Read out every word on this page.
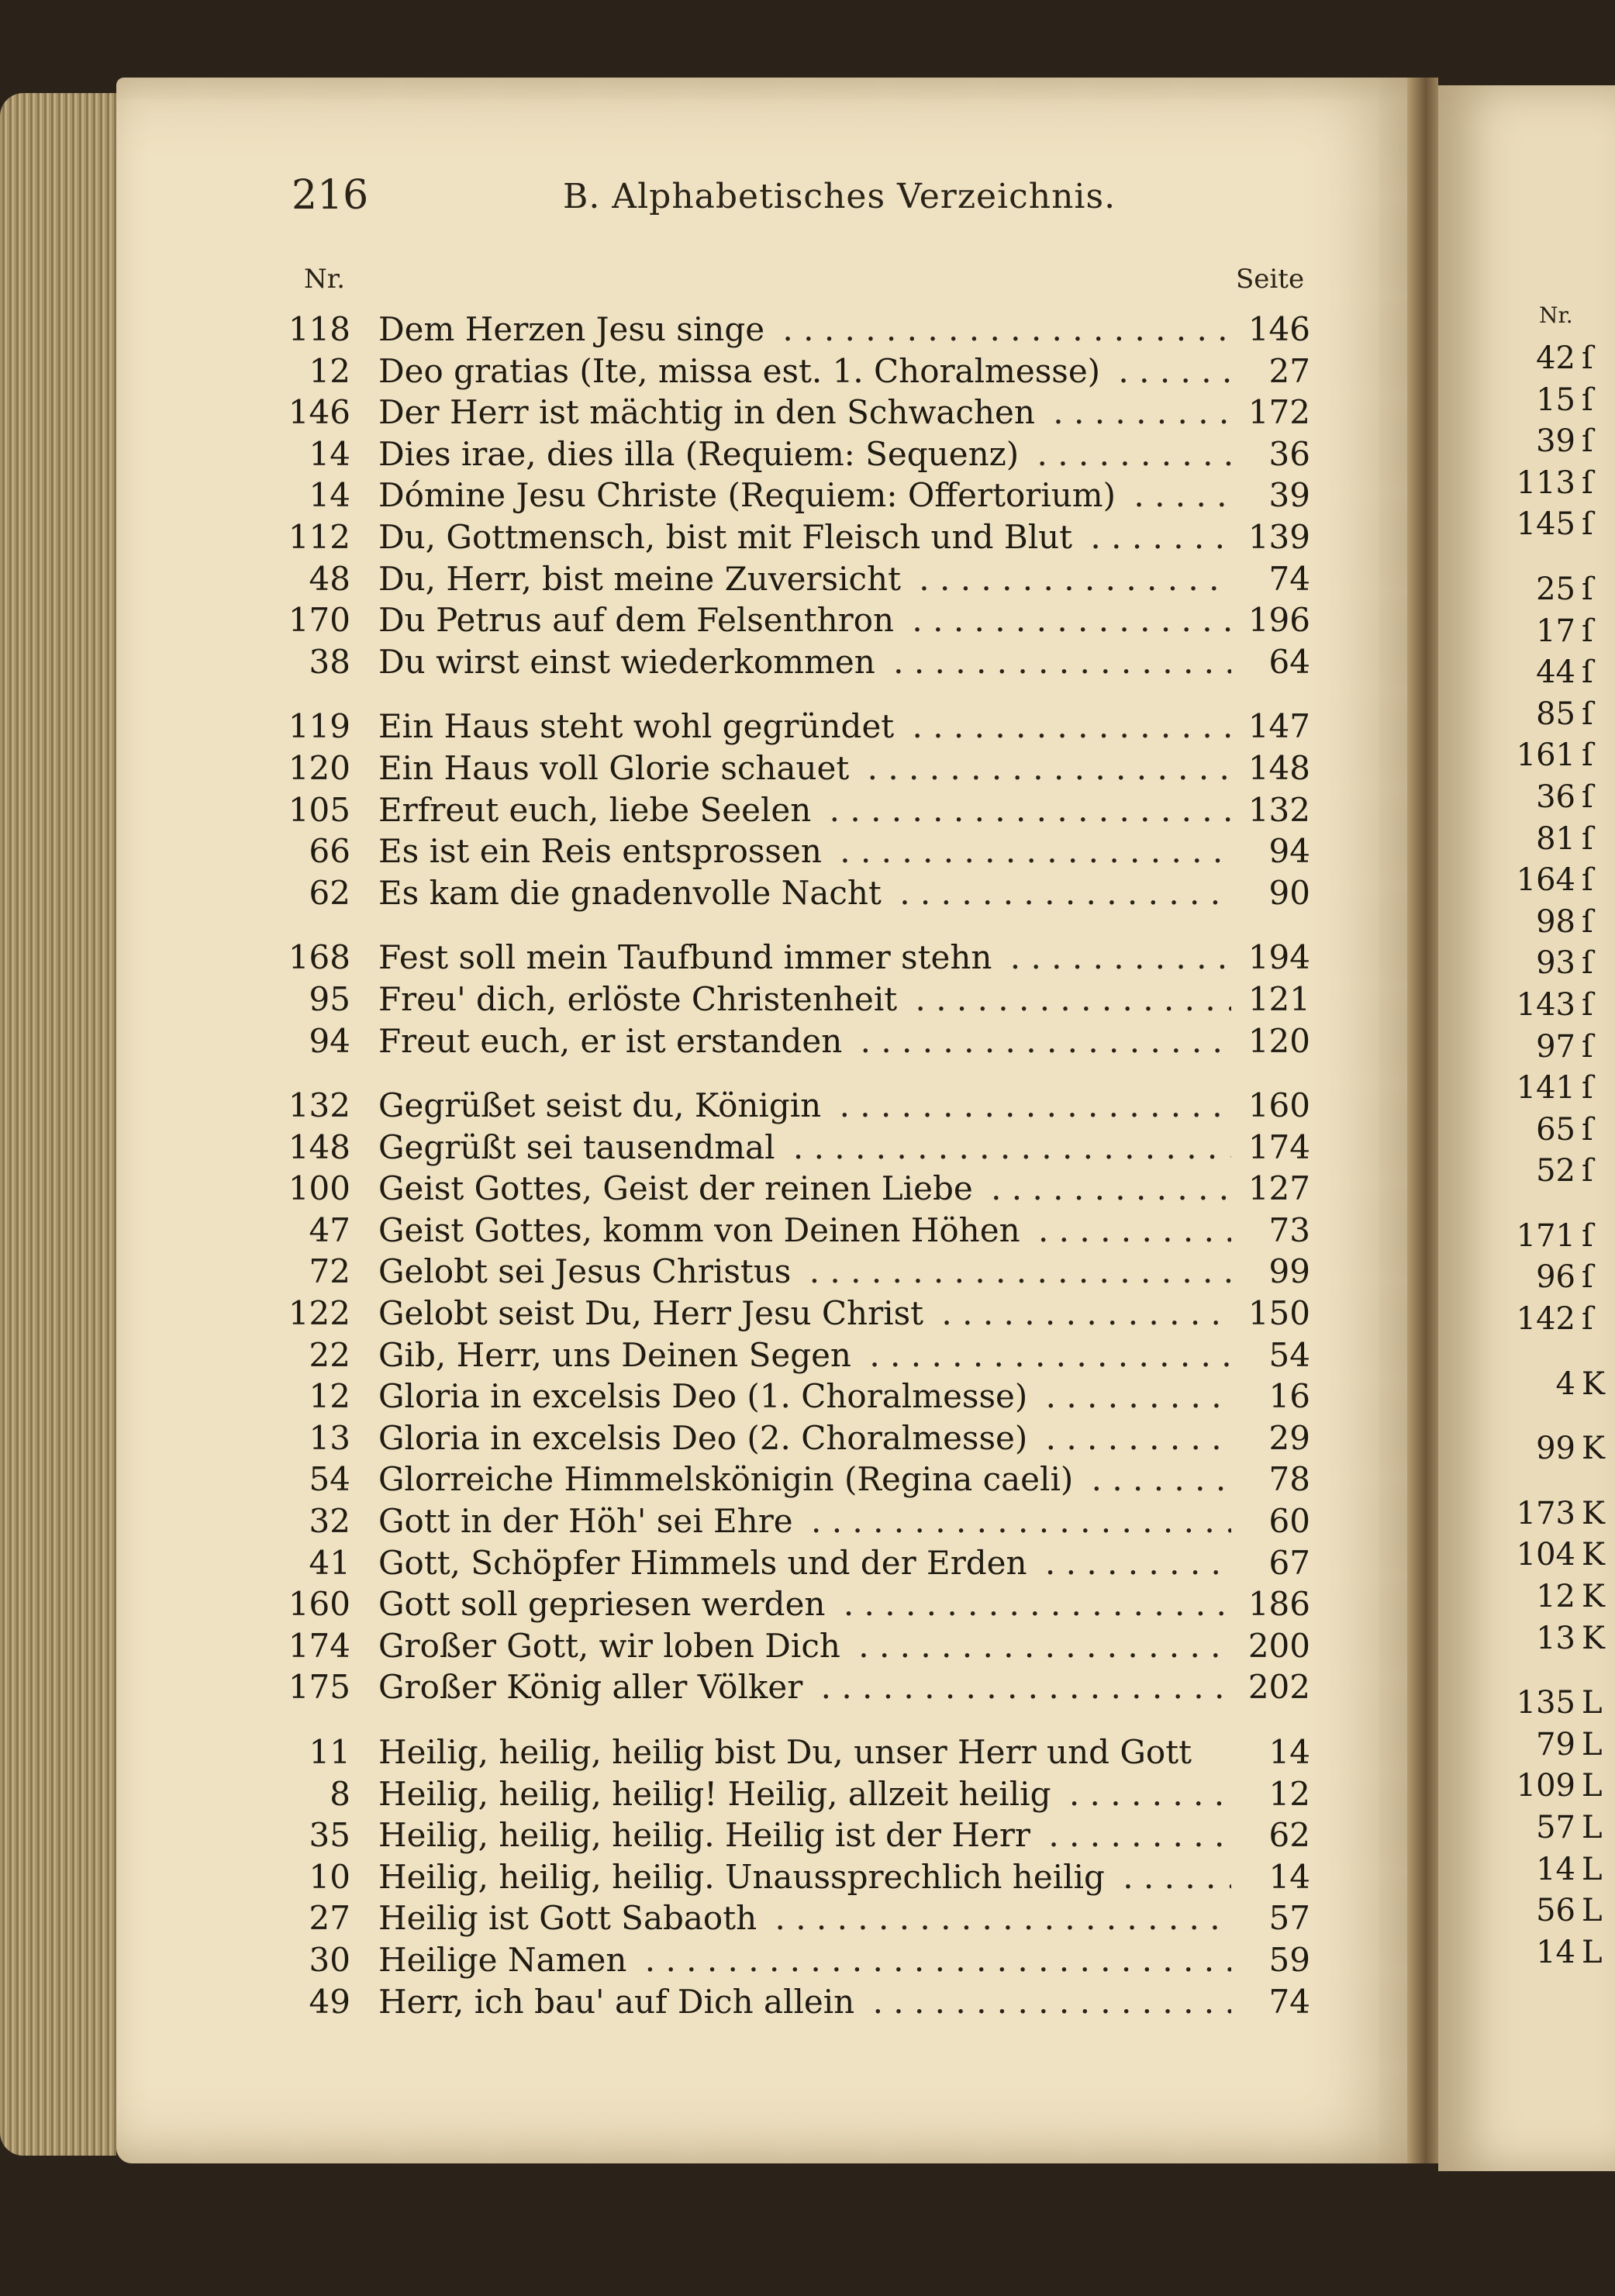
216	B. Alphabetisches Verzeichnis.
Nr.	Seite
118 Dem Herzen Jesu singe . . .	146
12 Deo gratias (Ite, missa est. 1. Choralmesse) . . .	27
146 Der Herr ist mächtig in den Schwachen . . .	172
14 Dies irae, dies illa (Requiem: Sequenz) . . .	36
14 Dómine Jesu Christe (Requiem: Offertorium) . . .	39
112 Du, Gottmensch, bist mit Fleisch und Blut . . .	139
48 Du, Herr, bist meine Zuversicht . . .	74
170 Du Petrus auf dem Felsenthron . . .	196
38 Du wirst einst wiederkommen . . .	64
119 Ein Haus steht wohl gegründet . . .	147
120 Ein Haus voll Glorie schauet . . .	148
105 Erfreut euch, liebe Seelen . . .	132
66 Es ist ein Reis entsprossen . . .	94
62 Es kam die gnadenvolle Nacht . . .	90
168 Fest soll mein Taufbund immer stehn . . .	194
95 Freu' dich, erlöste Christenheit . . .	121
94 Freut euch, er ist erstanden . . .	120
132 Gegrüßet seist du, Königin . . .	160
148 Gegrüßt sei tausendmal . . .	174
100 Geist Gottes, Geist der reinen Liebe . . .	127
47 Geist Gottes, komm von Deinen Höhen . . .	73
72 Gelobt sei Jesus Christus . . .	99
122 Gelobt seist Du, Herr Jesu Christ . . .	150
22 Gib, Herr, uns Deinen Segen . . .	54
12 Gloria in excelsis Deo (1. Choralmesse) . . .	16
13 Gloria in excelsis Deo (2. Choralmesse) . . .	29
54 Glorreiche Himmelskönigin (Regina caeli) . . .	78
32 Gott in der Höh' sei Ehre . . .	60
41 Gott, Schöpfer Himmels und der Erden . . .	67
160 Gott soll gepriesen werden . . .	186
174 Großer Gott, wir loben Dich . . .	200
175 Großer König aller Völker . . .	202
11 Heilig, heilig, heilig bist Du, unser Herr und Gott	14
8 Heilig, heilig, heilig! Heilig, allzeit heilig . . .	12
35 Heilig, heilig, heilig. Heilig ist der Herr . . .	62
10 Heilig, heilig, heilig. Unaussprechlich heilig . . .	14
27 Heilig ist Gott Sabaoth . . .	57
30 Heilige Namen . . .	59
49 Herr, ich bau' auf Dich allein . . .	74
Nr.
42 ſ
15 ſ
39 ſ
113 ſ
145 ſ
25 ſ
17 ſ
44 ſ
85 ſ
161 ſ
36 ſ
81 ſ
164 ſ
98 ſ
93 ſ
143 ſ
97 ſ
141 ſ
65 ſ
52 ſ
171 ſ
96 ſ
142 ſ
4 K
99 K
173 K
104 K
12 K
13 K
135 L
79 L
109 L
57 L
14 L
56 L
14 L
